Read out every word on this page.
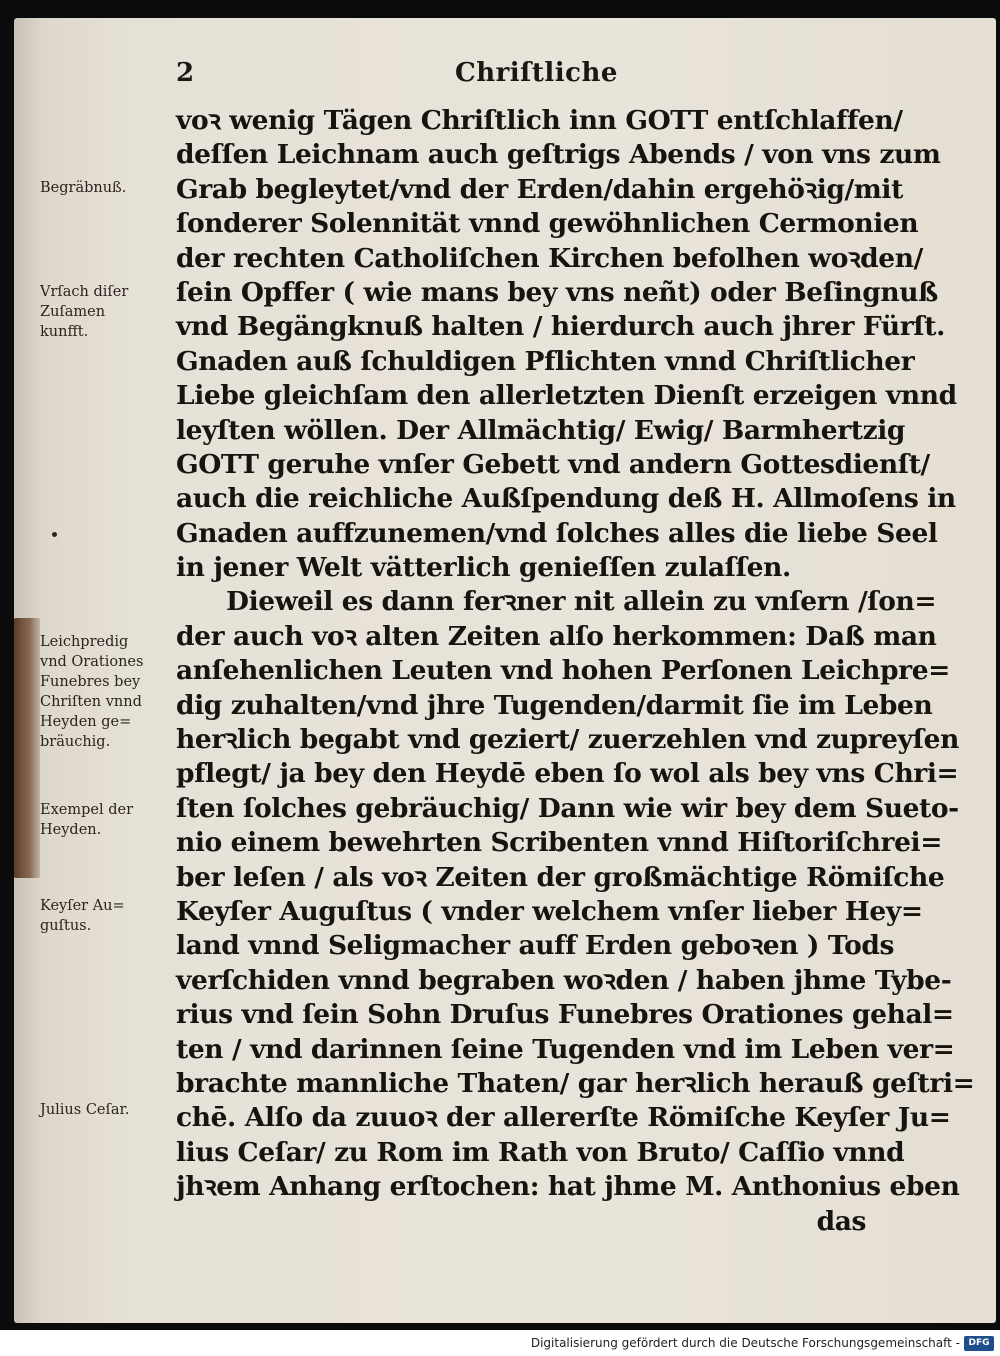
2	Chriſtliche
voꝛ wenig Tägen Chriſtlich inn GOTT entſchlaffen/
deſſen Leichnam auch geſtrigs Abends / von vns zum
Grab begleytet/vnd der Erden/dahin ergehöꝛig/mit
ſonderer Solennität vnnd gewöhnlichen Cermonien
der rechten Catholiſchen Kirchen befolhen woꝛden/
ſein Opffer ( wie mans bey vns neñt) oder Beſingnuß
vnd Begängknuß halten / hierdurch auch jhrer Fürſt.
Gnaden auß ſchuldigen Pflichten vnnd Chriſtlicher
Liebe gleichſam den allerletzten Dienſt erzeigen vnnd
leyſten wöllen. Der Allmächtig/ Ewig/ Barmhertzig
GOTT geruhe vnſer Gebett vnd andern Gottesdienſt/
auch die reichliche Außſpendung deß H. Allmoſens in
Gnaden auffzunemen/vnd ſolches alles die liebe Seel
in jener Welt vätterlich genieſſen zulaſſen.
Dieweil es dann ferꝛner nit allein zu vnſern /ſon=
der auch voꝛ alten Zeiten alſo herkommen: Daß man
anſehenlichen Leuten vnd hohen Perſonen Leichpre=
dig zuhalten/vnd jhre Tugenden/darmit ſie im Leben
herꝛlich begabt vnd geziert/ zuerzehlen vnd zupreyſen
pflegt/ ja bey den Heydē eben ſo wol als bey vns Chri=
ſten ſolches gebräuchig/ Dann wie wir bey dem Sueto-
nio einem bewehrten Scribenten vnnd Hiſtoriſchrei=
ber leſen / als voꝛ Zeiten der großmächtige Römiſche
Keyſer Auguſtus ( vnder welchem vnſer lieber Hey=
land vnnd Seligmacher auff Erden geboꝛen ) Tods
verſchiden vnnd begraben woꝛden / haben jhme Tybe-
rius vnd ſein Sohn Druſus Funebres Orationes gehal=
ten / vnd darinnen ſeine Tugenden vnd im Leben ver=
brachte mannliche Thaten/ gar herꝛlich herauß geſtri=
chē. Alſo da zuuoꝛ der allererſte Römiſche Keyſer Ju=
lius Ceſar/ zu Rom im Rath von Bruto/ Caſſio vnnd
jhꝛem Anhang erſtochen: hat jhme M. Anthonius eben
das
Begräbnuß.
Vrſach diſer
Zuſamen
kunfft.
Leichpredig
vnd Orationes
Funebres bey
Chriſten vnnd
Heyden ge=
bräuchig.
Exempel der
Heyden.
Keyſer Au=
guſtus.
Julius Ceſar.
Digitalisierung gefördert durch die Deutsche Forschungsgemeinschaft - DFG
